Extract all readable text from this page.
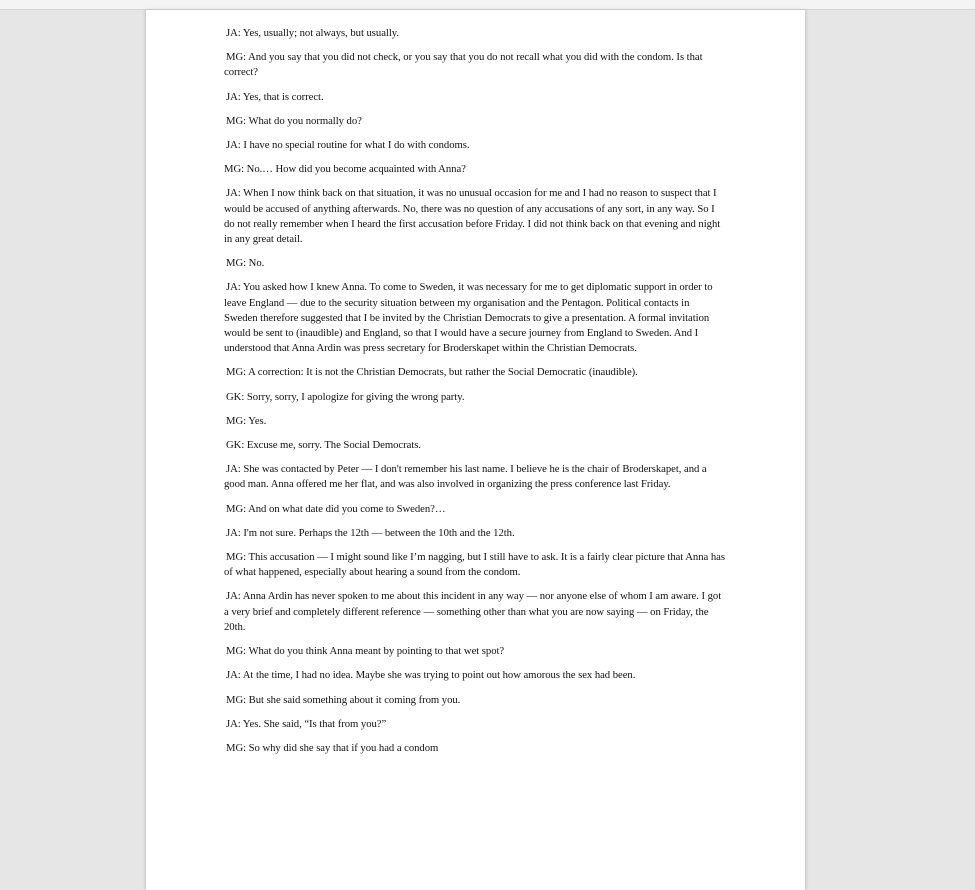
JA: Yes, usually; not always, but usually.

MG: And you say that you did not check, or you say that you do not recall what you did with the condom. Is that correct?

JA: Yes, that is correct.

MG: What do you normally do?

JA: I have no special routine for what I do with condoms.

MG: No.… How did you become acquainted with Anna?

JA: When I now think back on that situation, it was no unusual occasion for me and I had no reason to suspect that I would be accused of anything afterwards. No, there was no question of any accusations of any sort, in any way. So I do not really remember when I heard the first accusation before Friday. I did not think back on that evening and night in any great detail.

MG: No.

JA: You asked how I knew Anna. To come to Sweden, it was necessary for me to get diplomatic support in order to leave England — due to the security situation between my organisation and the Pentagon. Political contacts in Sweden therefore suggested that I be invited by the Christian Democrats to give a presentation. A formal invitation would be sent to (inaudible) and England, so that I would have a secure journey from England to Sweden. And I understood that Anna Ardin was press secretary for Broderskapet within the Christian Democrats.

MG: A correction: It is not the Christian Democrats, but rather the Social Democratic (inaudible).

GK: Sorry, sorry, I apologize for giving the wrong party.

MG: Yes.

GK: Excuse me, sorry. The Social Democrats.

JA: She was contacted by Peter — I don't remember his last name. I believe he is the chair of Broderskapet, and a good man. Anna offered me her flat, and was also involved in organizing the press conference last Friday.

MG: And on what date did you come to Sweden?…

JA: I'm not sure. Perhaps the 12th — between the 10th and the 12th.

MG: This accusation — I might sound like I’m nagging, but I still have to ask. It is a fairly clear picture that Anna has of what happened, especially about hearing a sound from the condom.

JA: Anna Ardin has never spoken to me about this incident in any way — nor anyone else of whom I am aware. I got a very brief and completely different reference — something other than what you are now saying — on Friday, the 20th.

MG: What do you think Anna meant by pointing to that wet spot?

JA: At the time, I had no idea. Maybe she was trying to point out how amorous the sex had been.

MG: But she said something about it coming from you.

JA: Yes. She said, “Is that from you?”

MG: So why did she say that if you had a condom
